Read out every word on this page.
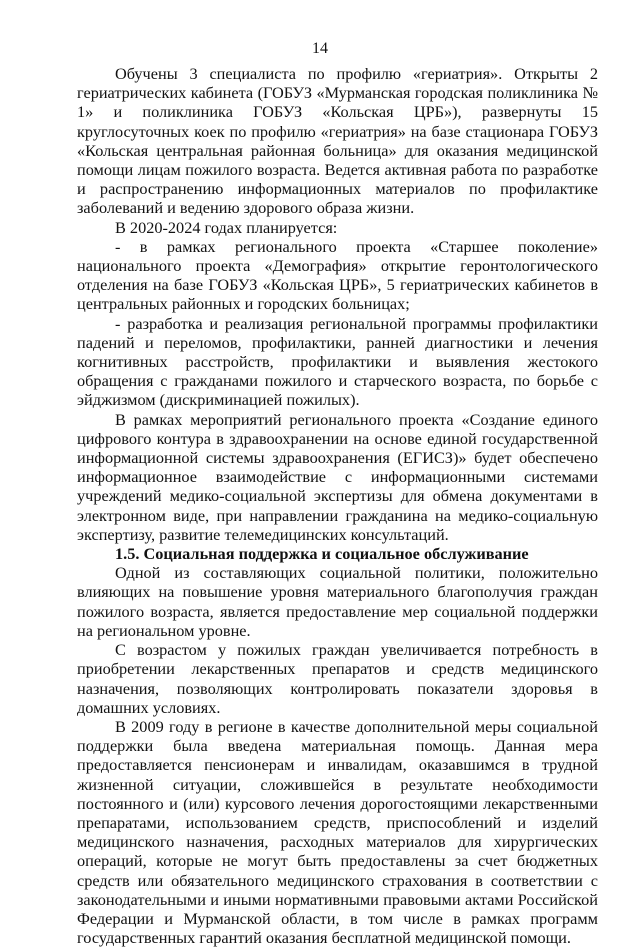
14

Обучены 3 специалиста по профилю «гериатрия». Открыты 2 гериатрических кабинета (ГОБУЗ «Мурманская городская поликлиника № 1» и поликлиника ГОБУЗ «Кольская ЦРБ»), развернуты 15 круглосуточных коек по профилю «гериатрия» на базе стационара ГОБУЗ «Кольская центральная районная больница» для оказания медицинской помощи лицам пожилого возраста. Ведется активная работа по разработке и распространению информационных материалов по профилактике заболеваний и ведению здорового образа жизни.

В 2020-2024 годах планируется:

- в рамках регионального проекта «Старшее поколение» национального проекта «Демография» открытие геронтологического отделения на базе ГОБУЗ «Кольская ЦРБ», 5 гериатрических кабинетов в центральных районных и городских больницах;

- разработка и реализация региональной программы профилактики падений и переломов, профилактики, ранней диагностики и лечения когнитивных расстройств, профилактики и выявления жестокого обращения с гражданами пожилого и старческого возраста, по борьбе с эйджизмом (дискриминацией пожилых).

В рамках мероприятий регионального проекта «Создание единого цифрового контура в здравоохранении на основе единой государственной информационной системы здравоохранения (ЕГИСЗ)» будет обеспечено информационное взаимодействие с информационными системами учреждений медико-социальной экспертизы для обмена документами в электронном виде, при направлении гражданина на медико-социальную экспертизу, развитие телемедицинских консультаций.

1.5. Социальная поддержка и социальное обслуживание

Одной из составляющих социальной политики, положительно влияющих на повышение уровня материального благополучия граждан пожилого возраста, является предоставление мер социальной поддержки на региональном уровне.

С возрастом у пожилых граждан увеличивается потребность в приобретении лекарственных препаратов и средств медицинского назначения, позволяющих контролировать показатели здоровья в домашних условиях.

В 2009 году в регионе в качестве дополнительной меры социальной поддержки была введена материальная помощь. Данная мера предоставляется пенсионерам и инвалидам, оказавшимся в трудной жизненной ситуации, сложившейся в результате необходимости постоянного и (или) курсового лечения дорогостоящими лекарственными препаратами, использованием средств, приспособлений и изделий медицинского назначения, расходных материалов для хирургических операций, которые не могут быть предоставлены за счет бюджетных средств или обязательного медицинского страхования в соответствии с законодательными и иными нормативными правовыми актами Российской Федерации и Мурманской области, в том числе в рамках программ государственных гарантий оказания бесплатной медицинской помощи.
